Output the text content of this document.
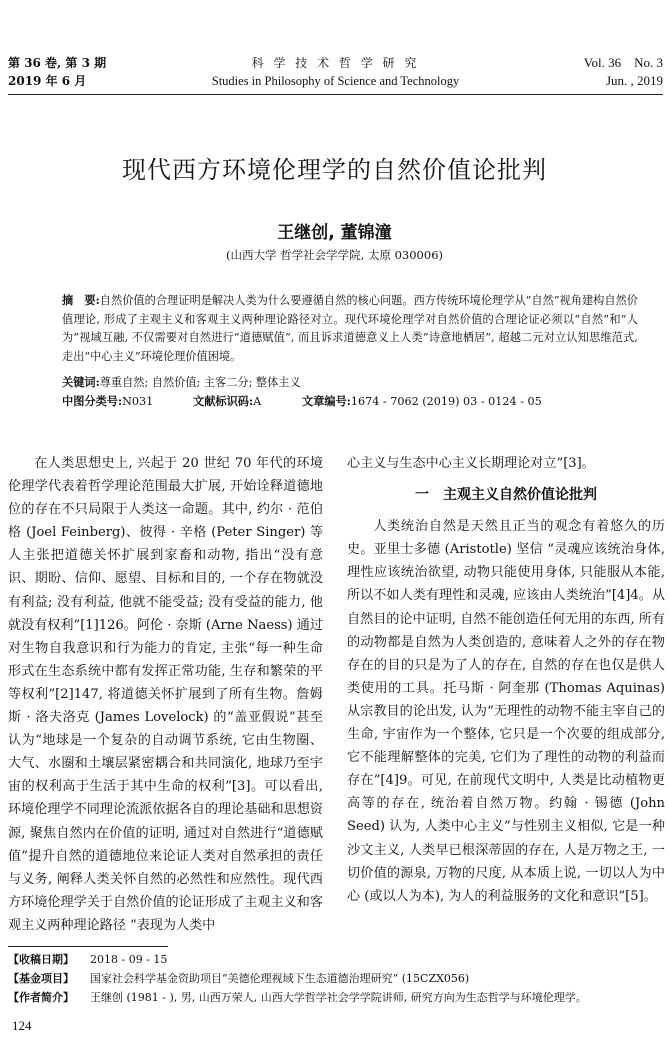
第 36 卷, 第 3 期
2019 年 6 月
科 学 技 术 哲 学 研 究
Studies in Philosophy of Science and Technology
Vol. 36    No. 3
Jun. , 2019
现代西方环境伦理学的自然价值论批判
王继创, 董锦潼
(山西大学 哲学社会学学院, 太原 030006)
摘　要:自然价值的合理证明是解决人类为什么要遵循自然的核心问题。西方传统环境伦理学从“自然”视角建构自然价值理论, 形成了主观主义和客观主义两种理论路径对立。现代环境伦理学对自然价值的合理论证必须以“自然”和“人为”视域互融, 不仅需要对自然进行“道德赋值”, 而且诉求道德意义上人类“诗意地栖居”, 超越二元对立认知思维范式, 走出“中心主义”环境伦理价值困境。
关键词:尊重自然; 自然价值; 主客二分; 整体主义
中图分类号:N031	文献标识码:A	文章编号:1674 - 7062 (2019) 03 - 0124 - 05

在人类思想史上, 兴起于 20 世纪 70 年代的环境伦理学代表着哲学理论范围最大扩展, 开始诠释道德地位的存在不只局限于人类这一命题。其中, 约尔 · 范伯格 (Joel Feinberg)、彼得 · 辛格 (Peter Singer) 等人主张把道德关怀扩展到家畜和动物, 指出“没有意识、期盼、信仰、愿望、目标和目的, 一个存在物就没有利益; 没有利益, 他就不能受益; 没有受益的能力, 他就没有权利”[1]126。阿伦 · 奈斯 (Arne Naess) 通过对生物自我意识和行为能力的肯定, 主张“每一种生命形式在生态系统中都有发挥正常功能, 生存和繁荣的平等权利”[2]147, 将道德关怀扩展到了所有生物。詹姆斯 · 洛夫洛克 (James Lovelock) 的“盖亚假说”甚至认为“地球是一个复杂的自动调节系统, 它由生物圈、大气、水圈和土壤层紧密耦合和共同演化, 地球乃至宇宙的权利高于生活于其中生命的权利”[3]。可以看出, 环境伦理学不同理论流派依据各自的理论基础和思想资源, 聚焦自然内在价值的证明, 通过对自然进行“道德赋值”提升自然的道德地位来论证人类对自然承担的责任与义务, 阐释人类关怀自然的必然性和应然性。现代西方环境伦理学关于自然价值的论证形成了主观主义和客观主义两种理论路径 “表现为人类中

心主义与生态中心主义长期理论对立”[3]。

一　主观主义自然价值论批判

人类统治自然是天然且正当的观念有着悠久的历史。亚里士多德 (Aristotle) 坚信 “灵魂应该统治身体, 理性应该统治欲望, 动物只能使用身体, 只能服从本能, 所以不如人类有理性和灵魂, 应该由人类统治”[4]4。从自然目的论中证明, 自然不能创造任何无用的东西, 所有的动物都是自然为人类创造的, 意味着人之外的存在物存在的目的只是为了人的存在, 自然的存在也仅是供人类使用的工具。托马斯 · 阿奎那 (Thomas Aquinas) 从宗教目的论出发, 认为“无理性的动物不能主宰自己的生命, 宇宙作为一个整体, 它只是一个次要的组成部分, 它不能理解整体的完美, 它们为了理性的动物的利益而存在”[4]9。可见, 在前现代文明中, 人类是比动植物更高等的存在, 统治着自然万物。约翰 · 锡德 (John Seed) 认为, 人类中心主义“与性别主义相似, 它是一种沙文主义, 人类早已根深蒂固的存在, 人是万物之王, 一切价值的源泉, 万物的尺度, 从本质上说, 一切以人为中心 (或以人为本), 为人的利益服务的文化和意识”[5]。

【收稿日期】 2018 - 09 - 15
【基金项目】 国家社会科学基金资助项目“美德伦理视域下生态道德治理研究” (15CZX056)
【作者简介】 王继创 (1981 - ), 男, 山西万荣人, 山西大学哲学社会学学院讲师, 研究方向为生态哲学与环境伦理学。
124
